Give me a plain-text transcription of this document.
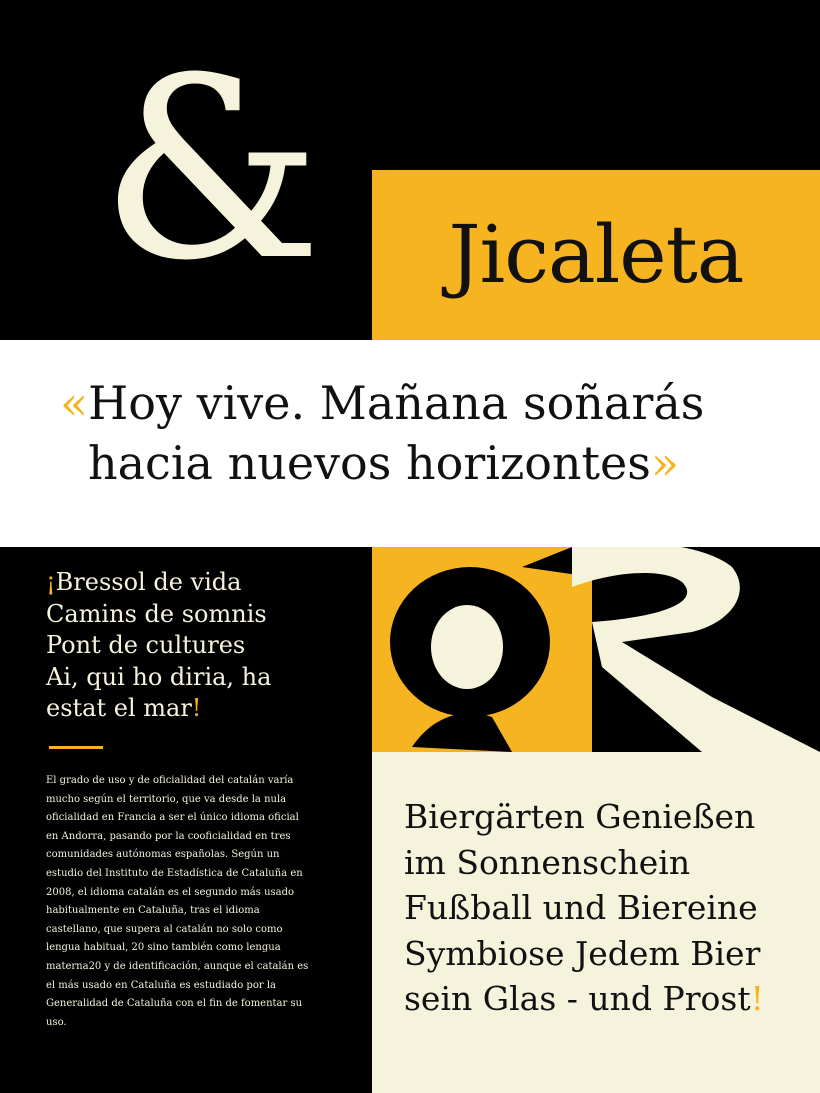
&	Jicaleta
«Hoy vive. Mañana soñarás
hacia nuevos horizontes»
¡Bressol de vida
Camins de somnis
Pont de cultures
Ai, qui ho diria, ha
estat el mar!
El grado de uso y de oficialidad del catalán varía mucho según el territorio, que va desde la nula oficialidad en Francia a ser el único idioma oficial en Andorra, pasando por la cooficialidad en tres comunidades autónomas españolas. Según un estudio del Instituto de Estadística de Cataluña en 2008, el idioma catalán es el segundo más usado habitualmente en Cataluña, tras el idioma castellano, que supera al catalán no solo como lengua habitual, 20 sino también como lengua materna20 y de identificación, aunque el catalán es el más usado en Cataluña es estudiado por la Generalidad de Cataluña con el fin de fomentar su uso.
Biergärten Genießen
im Sonnenschein
Fußball und Biereine
Symbiose Jedem Bier
sein Glas - und Prost!
